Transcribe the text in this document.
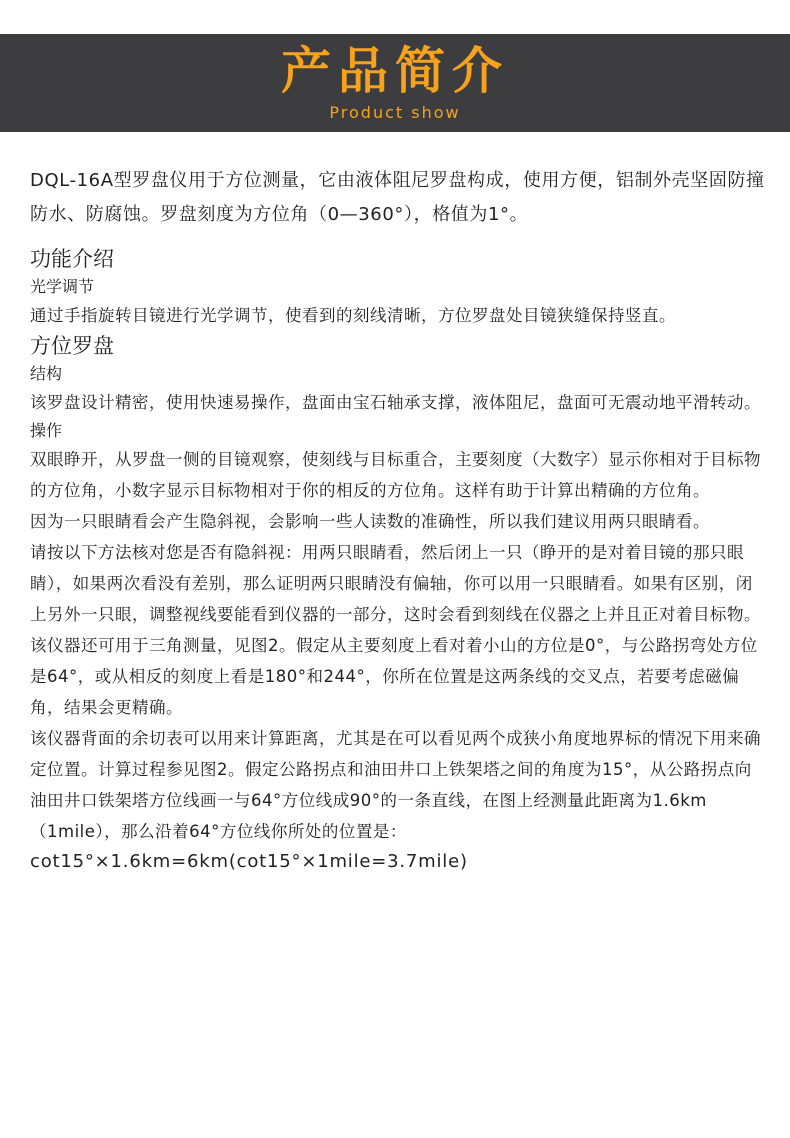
产品简介
Product show

DQL-16A型罗盘仪用于方位测量，它由液体阻尼罗盘构成，使用方便，铝制外壳坚固防撞防水、防腐蚀。罗盘刻度为方位角（0—360°），格值为1°。

功能介绍

光学调节

通过手指旋转目镜进行光学调节，使看到的刻线清晰，方位罗盘处目镜狭缝保持竖直。

方位罗盘

结构

该罗盘设计精密，使用快速易操作，盘面由宝石轴承支撑，液体阻尼，盘面可无震动地平滑转动。

操作

双眼睁开，从罗盘一侧的目镜观察，使刻线与目标重合，主要刻度（大数字）显示你相对于目标物的方位角，小数字显示目标物相对于你的相反的方位角。这样有助于计算出精确的方位角。

因为一只眼睛看会产生隐斜视，会影响一些人读数的准确性，所以我们建议用两只眼睛看。

请按以下方法核对您是否有隐斜视：用两只眼睛看，然后闭上一只（睁开的是对着目镜的那只眼睛），如果两次看没有差别，那么证明两只眼睛没有偏轴，你可以用一只眼睛看。如果有区别，闭上另外一只眼，调整视线要能看到仪器的一部分，这时会看到刻线在仪器之上并且正对着目标物。

该仪器还可用于三角测量，见图2。假定从主要刻度上看对着小山的方位是0°，与公路拐弯处方位是64°，或从相反的刻度上看是180°和244°，你所在位置是这两条线的交叉点，若要考虑磁偏角，结果会更精确。

该仪器背面的余切表可以用来计算距离，尤其是在可以看见两个成狭小角度地界标的情况下用来确定位置。计算过程参见图2。假定公路拐点和油田井口上铁架塔之间的角度为15°，从公路拐点向油田井口铁架塔方位线画一与64°方位线成90°的一条直线，在图上经测量此距离为1.6km（1mile），那么沿着64°方位线你所处的位置是：

cot15°×1.6km=6km(cot15°×1mile=3.7mile)
